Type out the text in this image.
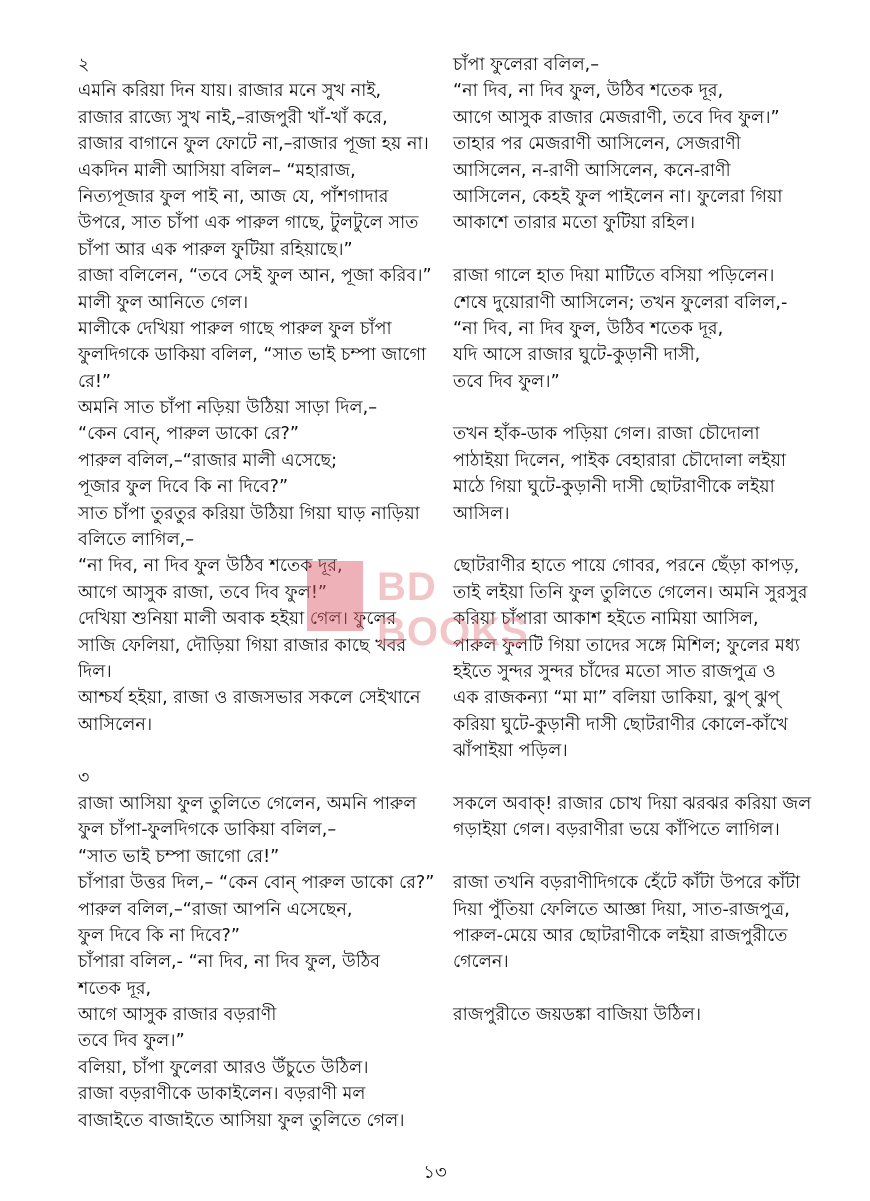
২
এমনি করিয়া দিন যায়। রাজার মনে সুখ নাই,
রাজার রাজ্যে সুখ নাই,–রাজপুরী খাঁ-খাঁ করে,
রাজার বাগানে ফুল ফোটে না,–রাজার পূজা হয় না।
একদিন মালী আসিয়া বলিল– “মহারাজ,
নিত্যপূজার ফুল পাই না, আজ যে, পাঁশগাদার
উপরে, সাত চাঁপা এক পারুল গাছে, টুলটুলে সাত
চাঁপা আর এক পারুল ফুটিয়া রহিয়াছে।”
রাজা বলিলেন, “তবে সেই ফুল আন, পূজা করিব।”
মালী ফুল আনিতে গেল।
মালীকে দেখিয়া পারুল গাছে পারুল ফুল চাঁপা
ফুলদিগকে ডাকিয়া বলিল, “সাত ভাই চম্পা জাগো
রে!”
অমনি সাত চাঁপা নড়িয়া উঠিয়া সাড়া দিল,–
“কেন বোন্, পারুল ডাকো রে?”
পারুল বলিল,–“রাজার মালী এসেছে;
পূজার ফুল দিবে কি না দিবে?”
সাত চাঁপা তুরতুর করিয়া উঠিয়া গিয়া ঘাড় নাড়িয়া
বলিতে লাগিল,–
“না দিব, না দিব ফুল উঠিব শতেক দূর,
আগে আসুক রাজা, তবে দিব ফুল!”
দেখিয়া শুনিয়া মালী অবাক হইয়া গেল। ফুলের
সাজি ফেলিয়া, দৌড়িয়া গিয়া রাজার কাছে খবর
দিল।
আশ্চর্য হইয়া, রাজা ও রাজসভার সকলে সেইখানে
আসিলেন।
৩
রাজা আসিয়া ফুল তুলিতে গেলেন, অমনি পারুল
ফুল চাঁপা-ফুলদিগকে ডাকিয়া বলিল,–
“সাত ভাই চম্পা জাগো রে!”
চাঁপারা উত্তর দিল,– “কেন বোন্ পারুল ডাকো রে?”
পারুল বলিল,–“রাজা আপনি এসেছেন,
ফুল দিবে কি না দিবে?”
চাঁপারা বলিল,- “না দিব, না দিব ফুল, উঠিব
শতেক দূর,
আগে আসুক রাজার বড়রাণী
তবে দিব ফুল।”
বলিয়া, চাঁপা ফুলেরা আরও উঁচুতে উঠিল।
রাজা বড়রাণীকে ডাকাইলেন। বড়রাণী মল
বাজাইতে বাজাইতে আসিয়া ফুল তুলিতে গেল।
চাঁপা ফুলেরা বলিল,–
“না দিব, না দিব ফুল, উঠিব শতেক দূর,
আগে আসুক রাজার মেজরাণী, তবে দিব ফুল।”
তাহার পর মেজরাণী আসিলেন, সেজরাণী
আসিলেন, ন-রাণী আসিলেন, কনে-রাণী
আসিলেন, কেহই ফুল পাইলেন না। ফুলেরা গিয়া
আকাশে তারার মতো ফুটিয়া রহিল।
রাজা গালে হাত দিয়া মাটিতে বসিয়া পড়িলেন।
শেষে দুয়োরাণী আসিলেন; তখন ফুলেরা বলিল,-
“না দিব, না দিব ফুল, উঠিব শতেক দূর,
যদি আসে রাজার ঘুটে-কুড়ানী দাসী,
তবে দিব ফুল।”
তখন হাঁক-ডাক পড়িয়া গেল। রাজা চৌদোলা
পাঠাইয়া দিলেন, পাইক বেহারারা চৌদোলা লইয়া
মাঠে গিয়া ঘুটে-কুড়ানী দাসী ছোটরাণীকে লইয়া
আসিল।
ছোটরাণীর হাতে পায়ে গোবর, পরনে ছেঁড়া কাপড়,
তাই লইয়া তিনি ফুল তুলিতে গেলেন। অমনি সুরসুর
করিয়া চাঁপারা আকাশ হইতে নামিয়া আসিল,
পারুল ফুলটি গিয়া তাদের সঙ্গে মিশিল; ফুলের মধ্য
হইতে সুন্দর সুন্দর চাঁদের মতো সাত রাজপুত্র ও
এক রাজকন্যা “মা মা” বলিয়া ডাকিয়া, ঝুপ্ ঝুপ্
করিয়া ঘুটে-কুড়ানী দাসী ছোটরাণীর কোলে-কাঁখে
ঝাঁপাইয়া পড়িল।
সকলে অবাক্! রাজার চোখ দিয়া ঝরঝর করিয়া জল
গড়াইয়া গেল। বড়রাণীরা ভয়ে কাঁপিতে লাগিল।
রাজা তখনি বড়রাণীদিগকে হেঁটে কাঁটা উপরে কাঁটা
দিয়া পুঁতিয়া ফেলিতে আজ্ঞা দিয়া, সাত-রাজপুত্র,
পারুল-মেয়ে আর ছোটরাণীকে লইয়া রাজপুরীতে
গেলেন।
রাজপুরীতে জয়ডঙ্কা বাজিয়া উঠিল।
BD BOOKS
১৩
